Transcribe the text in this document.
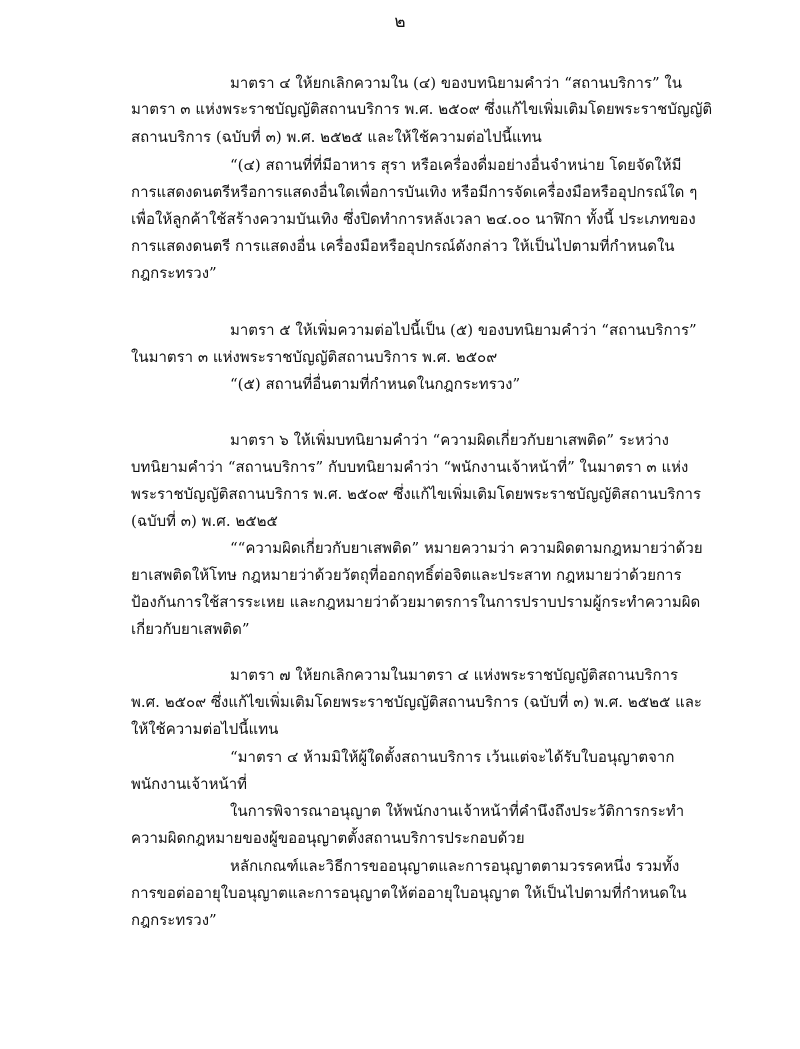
๒
มาตรา ๔ ให้ยกเลิกความใน (๔) ของบทนิยามคำว่า “สถานบริการ” ใน
มาตรา ๓ แห่งพระราชบัญญัติสถานบริการ พ.ศ. ๒๕๐๙ ซึ่งแก้ไขเพิ่มเติมโดยพระราชบัญญัติ
สถานบริการ (ฉบับที่ ๓) พ.ศ. ๒๕๒๕ และให้ใช้ความต่อไปนี้แทน
“(๔) สถานที่ที่มีอาหาร สุรา หรือเครื่องดื่มอย่างอื่นจำหน่าย โดยจัดให้มี
การแสดงดนตรีหรือการแสดงอื่นใดเพื่อการบันเทิง หรือมีการจัดเครื่องมือหรืออุปกรณ์ใด ๆ
เพื่อให้ลูกค้าใช้สร้างความบันเทิง ซึ่งปิดทำการหลังเวลา ๒๔.๐๐ นาฬิกา ทั้งนี้ ประเภทของ
การแสดงดนตรี การแสดงอื่น เครื่องมือหรืออุปกรณ์ดังกล่าว ให้เป็นไปตามที่กำหนดใน
กฎกระทรวง”
มาตรา ๕ ให้เพิ่มความต่อไปนี้เป็น (๕) ของบทนิยามคำว่า “สถานบริการ”
ในมาตรา ๓ แห่งพระราชบัญญัติสถานบริการ พ.ศ. ๒๕๐๙
“(๕) สถานที่อื่นตามที่กำหนดในกฎกระทรวง”
มาตรา ๖ ให้เพิ่มบทนิยามคำว่า “ความผิดเกี่ยวกับยาเสพติด” ระหว่าง
บทนิยามคำว่า “สถานบริการ” กับบทนิยามคำว่า “พนักงานเจ้าหน้าที่” ในมาตรา ๓ แห่ง
พระราชบัญญัติสถานบริการ พ.ศ. ๒๕๐๙ ซึ่งแก้ไขเพิ่มเติมโดยพระราชบัญญัติสถานบริการ
(ฉบับที่ ๓) พ.ศ. ๒๕๒๕
““ความผิดเกี่ยวกับยาเสพติด” หมายความว่า ความผิดตามกฎหมายว่าด้วย
ยาเสพติดให้โทษ กฎหมายว่าด้วยวัตถุที่ออกฤทธิ์ต่อจิตและประสาท กฎหมายว่าด้วยการ
ป้องกันการใช้สารระเหย และกฎหมายว่าด้วยมาตรการในการปราบปรามผู้กระทำความผิด
เกี่ยวกับยาเสพติด”
มาตรา ๗ ให้ยกเลิกความในมาตรา ๔ แห่งพระราชบัญญัติสถานบริการ
พ.ศ. ๒๕๐๙ ซึ่งแก้ไขเพิ่มเติมโดยพระราชบัญญัติสถานบริการ (ฉบับที่ ๓) พ.ศ. ๒๕๒๕ และ
ให้ใช้ความต่อไปนี้แทน
“มาตรา ๔ ห้ามมิให้ผู้ใดตั้งสถานบริการ เว้นแต่จะได้รับใบอนุญาตจาก
พนักงานเจ้าหน้าที่
ในการพิจารณาอนุญาต ให้พนักงานเจ้าหน้าที่คำนึงถึงประวัติการกระทำ
ความผิดกฎหมายของผู้ขออนุญาตตั้งสถานบริการประกอบด้วย
หลักเกณฑ์และวิธีการขออนุญาตและการอนุญาตตามวรรคหนึ่ง รวมทั้ง
การขอต่ออายุใบอนุญาตและการอนุญาตให้ต่ออายุใบอนุญาต ให้เป็นไปตามที่กำหนดใน
กฎกระทรวง”
